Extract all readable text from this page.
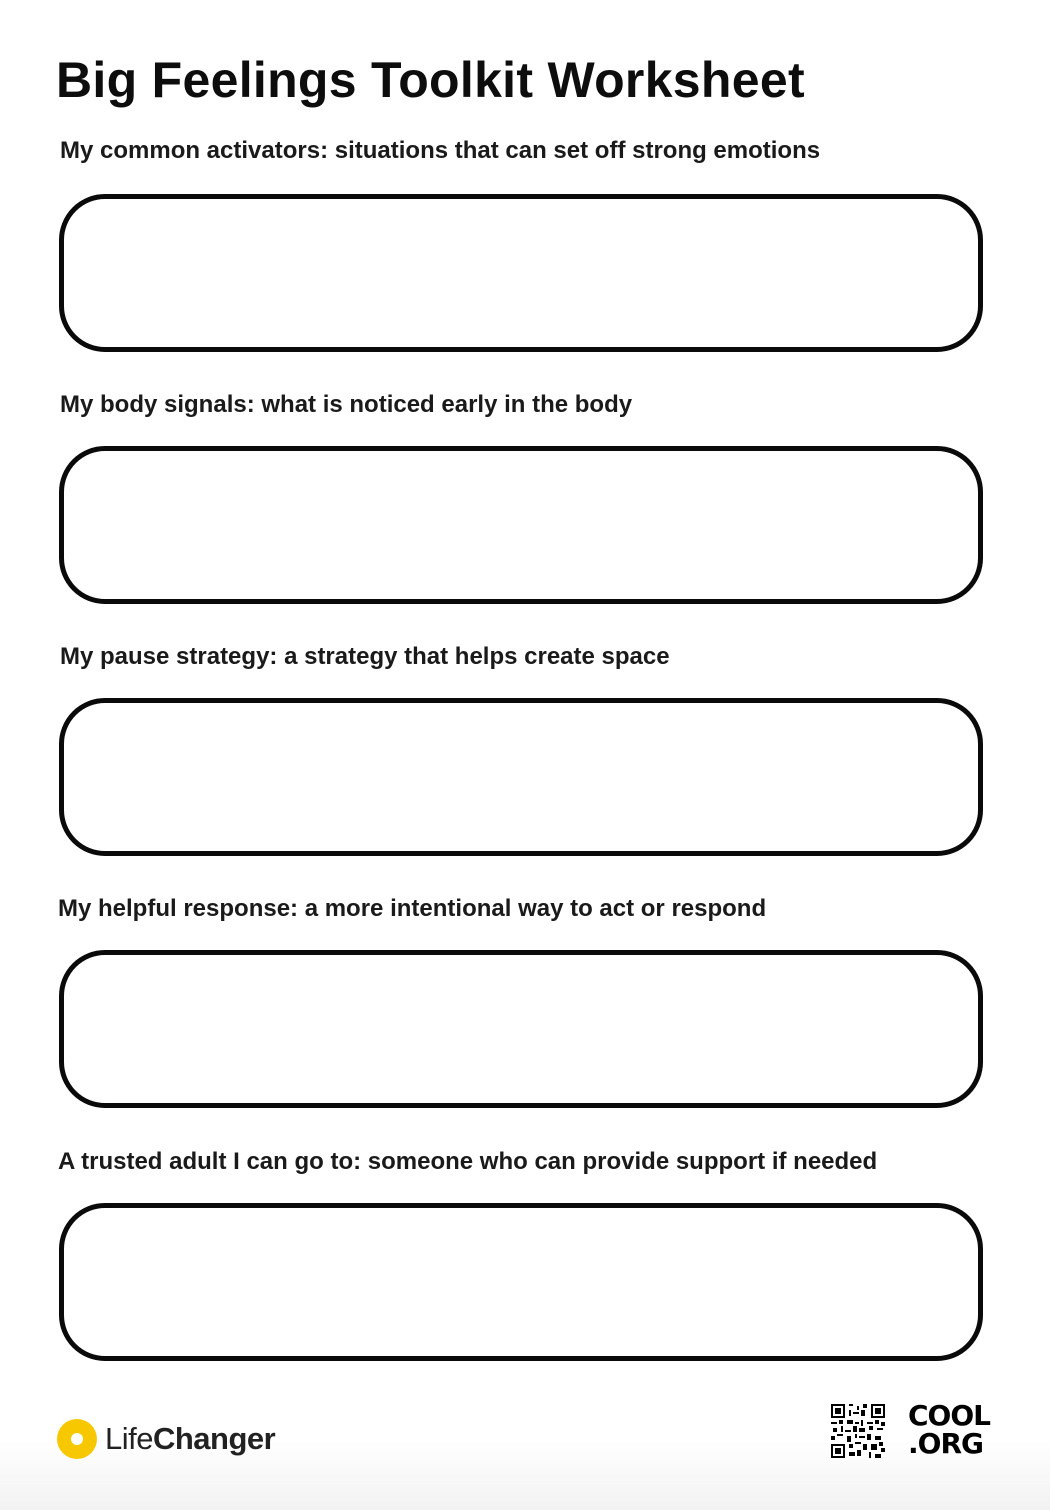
Big Feelings Toolkit Worksheet
My common activators: situations that can set off strong emotions
My body signals: what is noticed early in the body
My pause strategy: a strategy that helps create space
My helpful response: a more intentional way to act or respond
A trusted adult I can go to: someone who can provide support if needed
LifeChanger
COOL
.ORG
